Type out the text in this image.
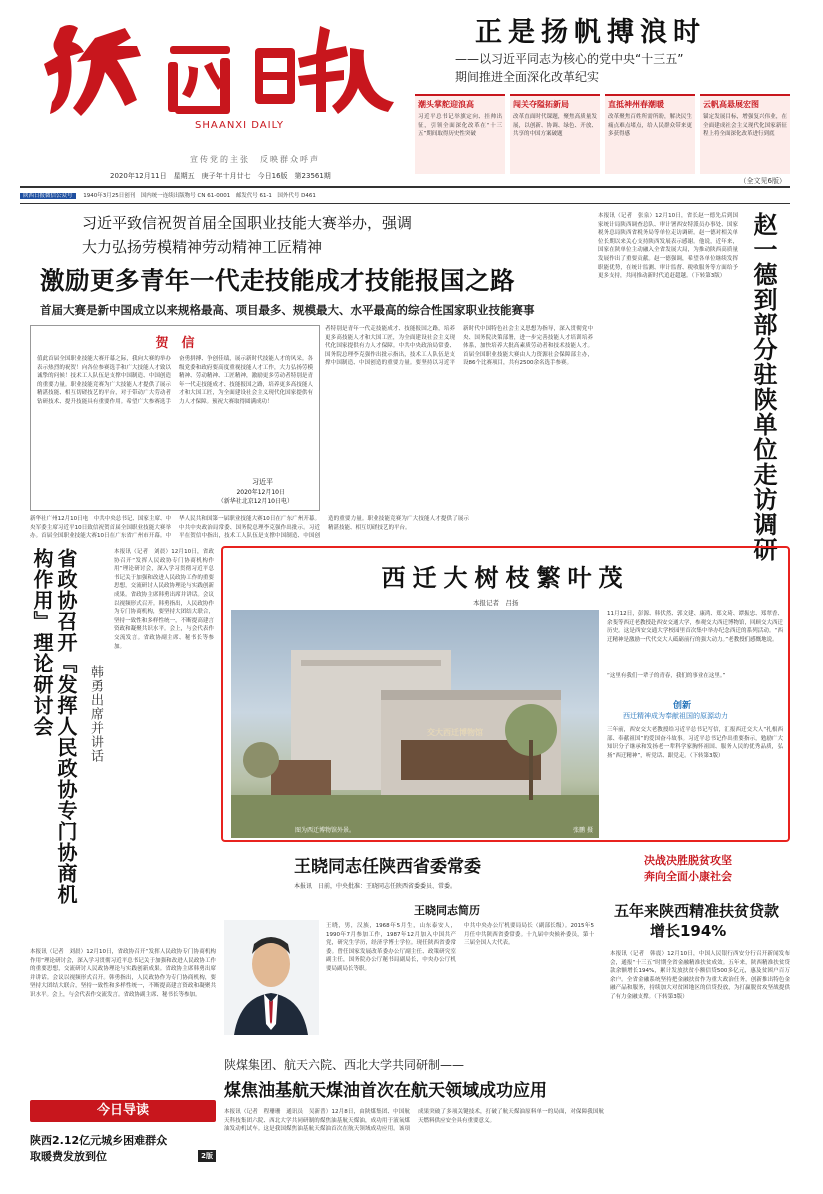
SHAANXI DAILY
宣传党的主张　反映群众呼声
2020年12月11日　星期五　庚子年十月廿七　今日16版　第23561期
陕西日报微信公众号 1940年3月25日创刊　国内统一连续出版物号 CN 61-0001　邮发代号 61-1　国外代号 D461
正是扬帆搏浪时
——以习近平同志为核心的党中央“十三五”
期间推进全面深化改革纪实
潮头掌舵迎浪高
习近平总书记举旗定向、挂帅出征，引领全面深化改革在“十三五”期间取得历史性突破
闯关夺隘拓新局
改革直面时代课题，聚焦高质量发展，以创新、协调、绿色、开放、共享的中国方案破题
直抵神州春潮暖
改革聚焦百姓所需所盼，解决民生痛点难点堵点，给人民群众带来更多获得感
云帆高悬展宏图
锚定发展目标，增强复兴伟业，在全面建成社会主义现代化国家新征程上将全面深化改革进行到底
（全文见6版）
习近平致信祝贺首届全国职业技能大赛举办，强调
大力弘扬劳模精神劳动精神工匠精神
激励更多青年一代走技能成才技能报国之路
首届大赛是新中国成立以来规格最高、项目最多、规模最大、水平最高的综合性国家职业技能赛事
贺　信
值此首届全国职业技能大赛开幕之际，我向大赛的举办表示热烈的祝贺！向各位参赛选手和广大技能人才致以诚挚的问候！技术工人队伍是支撑中国制造、中国创造的重要力量。职业技能竞赛为广大技能人才提供了展示精湛技能、相互切磋技艺的平台，对于带动广大劳动者钻研技术、提升技能具有重要作用。希望广大参赛选手奋勇拼搏、争创佳绩，展示新时代技能人才的风采。各级党委和政府要高度重视技能人才工作，大力弘扬劳模精神、劳动精神、工匠精神，激励更多劳动者特别是青年一代走技能成才、技能报国之路，培养更多高技能人才和大国工匠，为全面建设社会主义现代化国家提供有力人才保障。预祝大赛取得圆满成功！
习近平
2020年12月10日
（新华社北京12月10日电）
新华社广州12月10日电　中共中央总书记、国家主席、中央军委主席习近平10日致信祝贺首届全国职业技能大赛举办。首届全国职业技能大赛10日在广东省广州市开幕。中华人民共和国第一届职业技能大赛10日在广东广州开幕。中共中央政治局常委、国务院总理李克强作出批示。习近平在贺信中指出，技术工人队伍是支撑中国制造、中国创造的重要力量。职业技能竞赛为广大技能人才提供了展示精湛技能、相互切磋技艺的平台。
者特别是青年一代走技能成才、技能报国之路，培养更多高技能人才和大国工匠，为全面建设社会主义现代化国家提供有力人才保障。中共中央政治局常委、国务院总理李克强作出批示指出，技术工人队伍是支撑中国制造、中国创造的重要力量。要坚持以习近平新时代中国特色社会主义思想为指导，深入贯彻党中央、国务院决策部署，进一步完善技能人才培训培养体系，加快培养大批高素质劳动者和技术技能人才。首届全国职业技能大赛由人力资源社会保障部主办，设86个比赛项目，共有2500余名选手参赛。	赵一德到部分驻陕单位走访调研
本报讯（记者　张泉）12月10日，省长赵一德先后到国家统计局陕西调查总队、审计署西安特派员办事处、国家税务总局陕西省税务局等单位走访调研。赵一德对相关单位长期以来关心支持陕西发展表示感谢。他说，近年来，国家在陕单位主动融入全省发展大局，为推动陕西高质量发展作出了重要贡献。赵一德强调，希望各单位继续发挥职能优势，在统计监测、审计监督、税收服务等方面给予更多支持，共同推动新时代追赶超越。（下转第3版）
省政协召开『发挥人民政协专门协商机构作用』理论研讨会	韩勇出席并讲话
本报讯（记者　刘晨）12月10日，省政协召开“发挥人民政协专门协商机构作用”理论研讨会，深入学习贯彻习近平总书记关于加强和改进人民政协工作的重要思想，交流研讨人民政协理论与实践创新成果。省政协主席韩勇出席并讲话。会议以视频形式召开。韩勇指出，人民政协作为专门协商机构，要坚持大团结大联合，坚持一致性和多样性统一，不断提高建言资政和凝聚共识水平。会上，与会代表作交流发言。省政协副主席、秘书长等参加。
本报讯（记者　刘晨）12月10日，省政协召开“发挥人民政协专门协商机构作用”理论研讨会，深入学习贯彻习近平总书记关于加强和改进人民政协工作的重要思想，交流研讨人民政协理论与实践创新成果。省政协主席韩勇出席并讲话。会议以视频形式召开。韩勇指出，人民政协作为专门协商机构，要坚持大团结大联合，坚持一致性和多样性统一，不断提高建言资政和凝聚共识水平。会上，与会代表作交流发言。省政协副主席、秘书长等参加。
西迁大树枝繁叶茂
本报记者　吕扬
交大西迁博物馆
图为西迁博物馆外景。	张鹏 摄
11月12日，彭源、韩伏然、郭文建、康鸿、郑文琦、谭振忠、郑翠香、余斐等西迁老教授赴西安交通大学，参观交大西迁博物馆，回顾交大西迁历史。这是西安交通大学校园里首次集中举办纪念西迁的系列活动。“西迁精神是激励一代代交大人砥砺前行的强大动力。”老教授们感慨地说。
“这里有我们一辈子的青春，我们的事业在这里。”
创新
西迁精神成为奉献祖国的原源动力
三年前，西安交大老教授给习近平总书记写信，汇报西迁交大人“扎根西部、奉献祖国”的爱国奋斗故事。习近平总书记作出重要指示，勉励广大知识分子继承和发扬老一辈科学家胸怀祖国、服务人民的优秀品质，弘扬“西迁精神”，听党话、跟党走。（下转第3版）
王晓同志任陕西省委常委
本报讯　日前，中央批准：王晓同志任陕西省委委员、常委。
王晓同志简历
王晓，男，汉族，1968年5月生，山东泰安人，1990年7月参加工作，1987年12月加入中国共产党，研究生学历，经济学博士学位。现任陕西省委常委。曾任国家发展改革委办公厅副主任、政策研究室副主任，国务院办公厅秘书局副局长，中央办公厅机要局副局长等职。
中共中央办公厅机要局局长（副部长级）。2015年5月任中共陕西省委常委。十九届中央候补委员，第十三届全国人大代表。
决战决胜脱贫攻坚
奔向全面小康社会
五年来陕西精准扶贫贷款
增长194%
本报讯（记者　韩震）12月10日，中国人民银行西安分行召开新闻发布会，通报“十三五”时期全省金融精准扶贫成效。五年来，陕西精准扶贫贷款余额增长194%，累计发放扶贫小额信贷500多亿元，惠及贫困户百万余户。全省金融系统坚持把金融扶贫作为重大政治任务，创新推出特色金融产品和服务，持续加大对贫困地区的信贷投放，为打赢脱贫攻坚战提供了有力金融支撑。（下转第3版）
陕煤集团、航天六院、西北大学共同研制——
煤焦油基航天煤油首次在航天领域成功应用
本报讯（记者　程珊珊　通讯员　吴新普）12月8日，由陕煤集团、中国航天科技集团六院、西北大学共同研制的煤焦油基航天煤油，成功用于液氧煤油发动机试车。这是我国煤焦油基航天煤油首次在航天领域成功应用。该项成果突破了多项关键技术，打破了航天煤油原料单一的局面，对保障我国航天燃料供应安全具有重要意义。
今日导读
陕西2.12亿元城乡困难群众
取暖费发放到位	2版
